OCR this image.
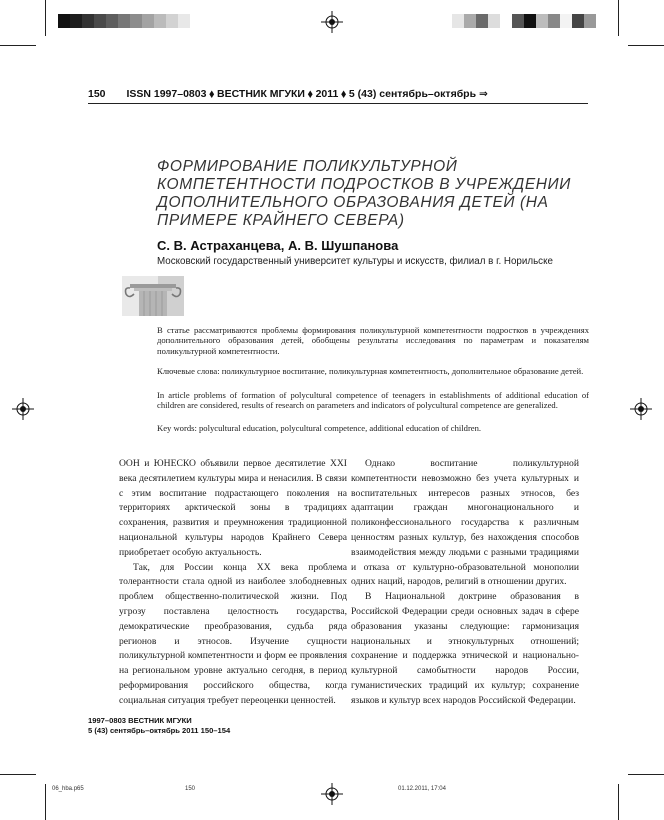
150 ISSN 1997–0803 ⬧ ВЕСТНИК МГУКИ ⬧ 2011 ⬧ 5 (43) сентябрь–октябрь ⇒
ФОРМИРОВАНИЕ ПОЛИКУЛЬТУРНОЙ КОМПЕТЕНТНОСТИ ПОДРОСТКОВ В УЧРЕЖДЕНИИ ДОПОЛНИТЕЛЬНОГО ОБРАЗОВАНИЯ ДЕТЕЙ (НА ПРИМЕРЕ КРАЙНЕГО СЕВЕРА)
С. В. Астраханцева, А. В. Шушпанова
Московский государственный университет культуры и искусств, филиал в г. Норильске
В статье рассматриваются проблемы формирования поликультурной компетентности подростков в учреждениях дополнительного образования детей, обобщены результаты исследования по параметрам и показателям поликультурной компетентности.
Ключевые слова: поликультурное воспитание, поликультурная компетентность, дополнительное образование детей.
In article problems of formation of polycultural competence of teenagers in establishments of additional education of children are considered, results of research on parameters and indicators of polycultural competence are generalized.
Key words: polycultural education, polycultural competence, additional education of children.

ООН и ЮНЕСКО объявили первое десятилетие XXI века десятилетием культуры мира и ненасилия. В связи с этим воспитание подрастающего поколения на территориях арктической зоны в традициях сохранения, развития и преумножения традиционной национальной культуры народов Крайнего Севера приобретает особую актуальность.

Так, для России конца XX века проблема толерантности стала одной из наиболее злободневных проблем общественно-политической жизни. Под угрозу поставлена целостность государства, демократические преобразования, судьба ряда регионов и этносов. Изучение сущности поликультурной компетентности и форм ее проявления на региональном уровне актуально сегодня, в период реформирования российского общества, когда социальная ситуация требует переоценки ценностей.

Однако воспитание поликультурной компетентности невозможно без учета культурных и воспитательных интересов разных этносов, без адаптации граждан многонационального и поликонфессионального государства к различным ценностям разных культур, без нахождения способов взаимодействия между людьми с разными традициями и отказа от культурно-образовательной монополии одних наций, народов, религий в отношении других.

В Национальной доктрине образования в Российской Федерации среди основных задач в сфере образования указаны следующие: гармонизация национальных и этнокультурных отношений; сохранение и поддержка этнической и национально-культурной самобытности народов России, гуманистических традиций их культур; сохранение языков и культур всех народов Российской Федерации.

1997–0803 ВЕСТНИК МГУКИ
5 (43) сентябрь–октябрь 2011 150–154
06_hba.p65	150	01.12.2011, 17:04
